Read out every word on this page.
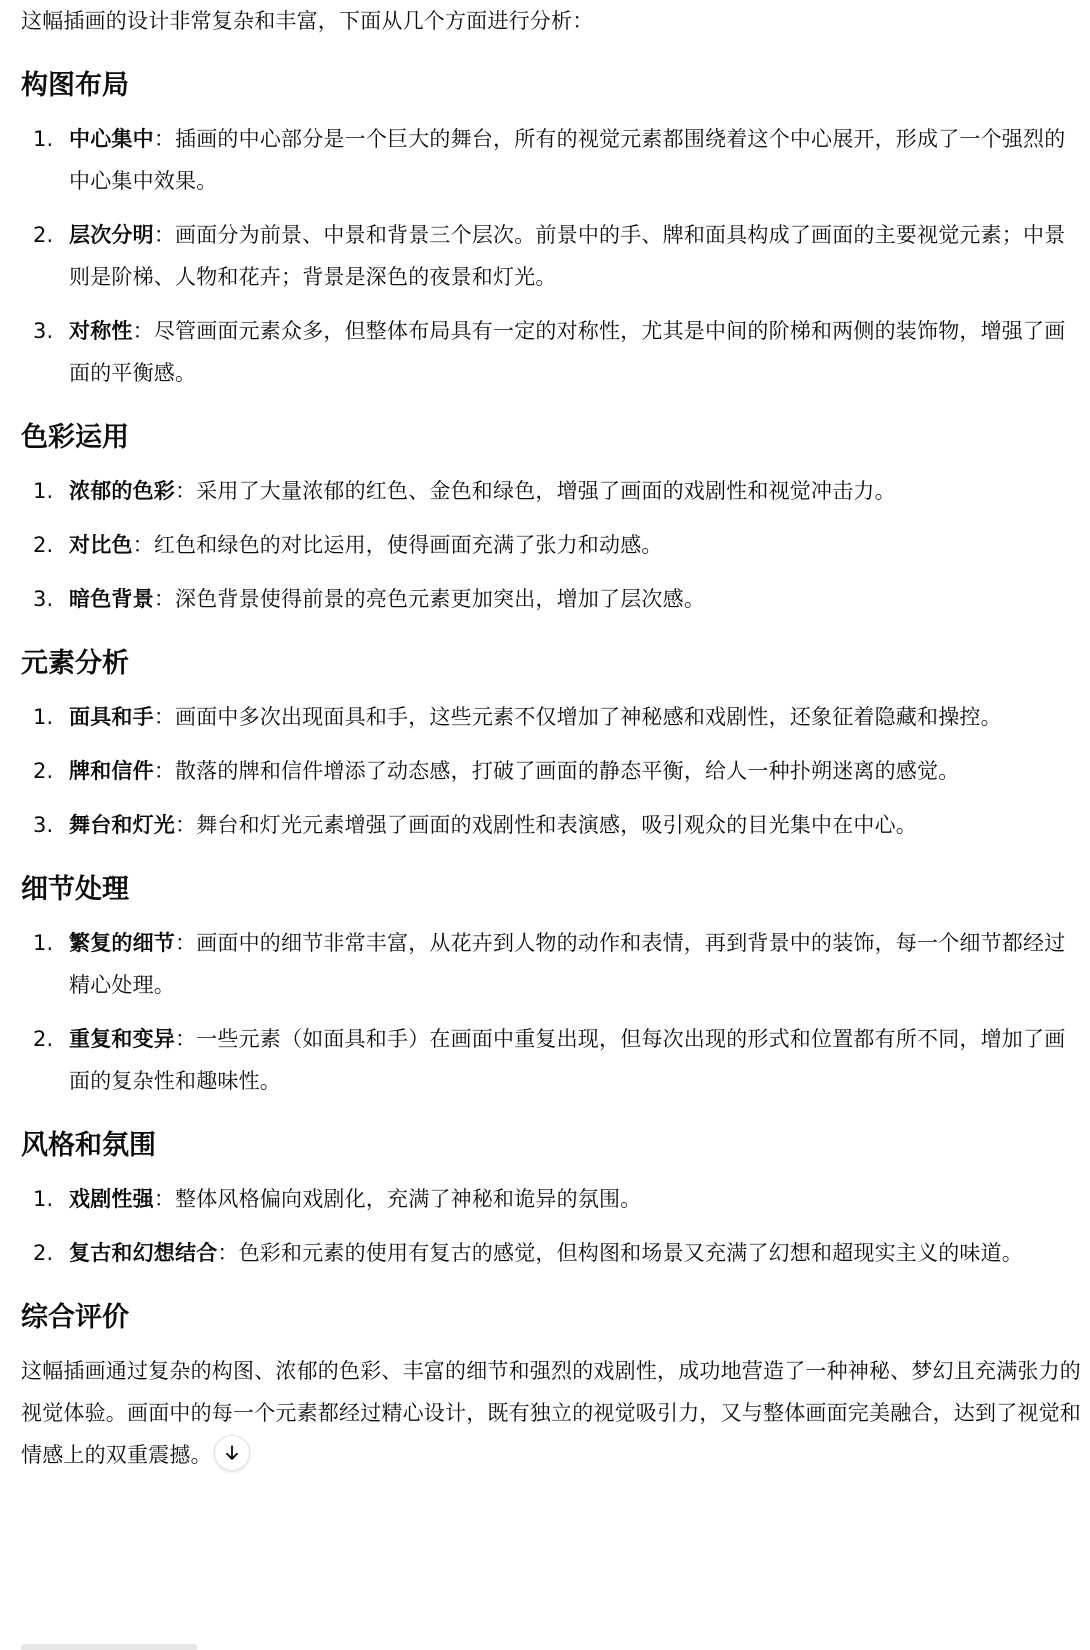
这幅插画的设计非常复杂和丰富，下面从几个方面进行分析：

构图布局
1. 中心集中：插画的中心部分是一个巨大的舞台，所有的视觉元素都围绕着这个中心展开，形成了一个强烈的中心集中效果。
2. 层次分明：画面分为前景、中景和背景三个层次。前景中的手、牌和面具构成了画面的主要视觉元素；中景则是阶梯、人物和花卉；背景是深色的夜景和灯光。
3. 对称性：尽管画面元素众多，但整体布局具有一定的对称性，尤其是中间的阶梯和两侧的装饰物，增强了画面的平衡感。
色彩运用
1. 浓郁的色彩：采用了大量浓郁的红色、金色和绿色，增强了画面的戏剧性和视觉冲击力。
2. 对比色：红色和绿色的对比运用，使得画面充满了张力和动感。
3. 暗色背景：深色背景使得前景的亮色元素更加突出，增加了层次感。
元素分析
1. 面具和手：画面中多次出现面具和手，这些元素不仅增加了神秘感和戏剧性，还象征着隐藏和操控。
2. 牌和信件：散落的牌和信件增添了动态感，打破了画面的静态平衡，给人一种扑朔迷离的感觉。
3. 舞台和灯光：舞台和灯光元素增强了画面的戏剧性和表演感，吸引观众的目光集中在中心。
细节处理
1. 繁复的细节：画面中的细节非常丰富，从花卉到人物的动作和表情，再到背景中的装饰，每一个细节都经过精心处理。
2. 重复和变异：一些元素（如面具和手）在画面中重复出现，但每次出现的形式和位置都有所不同，增加了画面的复杂性和趣味性。
风格和氛围
1. 戏剧性强：整体风格偏向戏剧化，充满了神秘和诡异的氛围。
2. 复古和幻想结合：色彩和元素的使用有复古的感觉，但构图和场景又充满了幻想和超现实主义的味道。
综合评价

这幅插画通过复杂的构图、浓郁的色彩、丰富的细节和强烈的戏剧性，成功地营造了一种神秘、梦幻且充满张力的视觉体验。画面中的每一个元素都经过精心设计，既有独立的视觉吸引力，又与整体画面完美融合，达到了视觉和情感上的双重震撼。
